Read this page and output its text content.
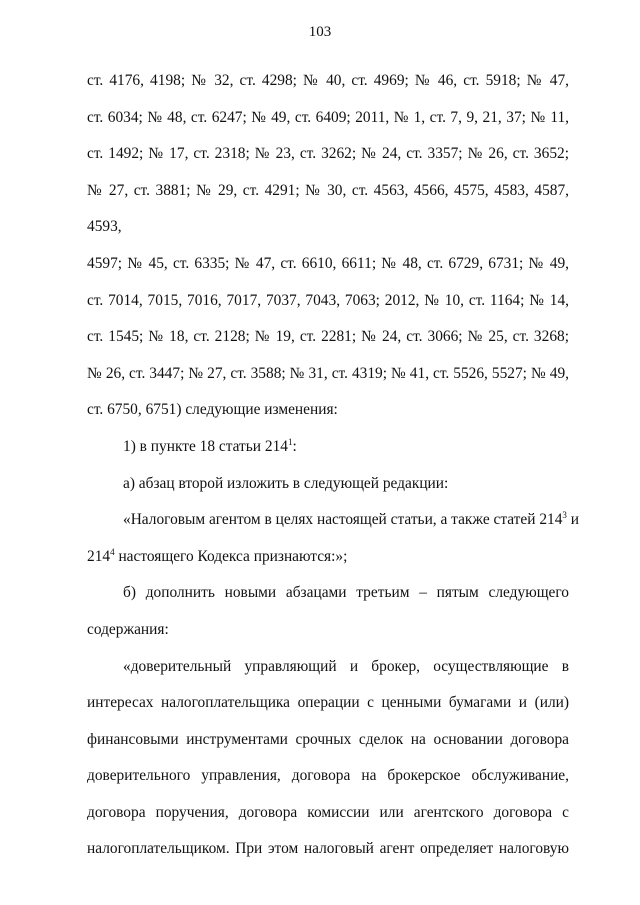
103
ст. 4176, 4198; № 32, ст. 4298; № 40, ст. 4969; № 46, ст. 5918; № 47,
ст. 6034; № 48, ст. 6247; № 49, ст. 6409; 2011, № 1, ст. 7, 9, 21, 37; № 11,
ст. 1492; № 17, ст. 2318; № 23, ст. 3262; № 24, ст. 3357; № 26, ст. 3652;
№ 27, ст. 3881; № 29, ст. 4291; № 30, ст. 4563, 4566, 4575, 4583, 4587, 4593,
4597; № 45, ст. 6335; № 47, ст. 6610, 6611; № 48, ст. 6729, 6731; № 49,
ст. 7014, 7015, 7016, 7017, 7037, 7043, 7063; 2012, № 10, ст. 1164; № 14,
ст. 1545; № 18, ст. 2128; № 19, ст. 2281; № 24, ст. 3066; № 25, ст. 3268;
№ 26, ст. 3447; № 27, ст. 3588; № 31, ст. 4319; № 41, ст. 5526, 5527; № 49,
ст. 6750, 6751) следующие изменения:
1) в пункте 18 статьи $214^1$:
а) абзац второй изложить в следующей редакции:
«Налоговым агентом в целях настоящей статьи, а также статей $214^3$ и
$214^4$ настоящего Кодекса признаются:»;
б) дополнить новыми абзацами третьим – пятым следующего
содержания:
«доверительный управляющий и брокер, осуществляющие в
интересах налогоплательщика операции с ценными бумагами и (или)
финансовыми инструментами срочных сделок на основании договора
доверительного управления, договора на брокерское обслуживание,
договора поручения, договора комиссии или агентского договора с
налогоплательщиком. При этом налоговый агент определяет налоговую
